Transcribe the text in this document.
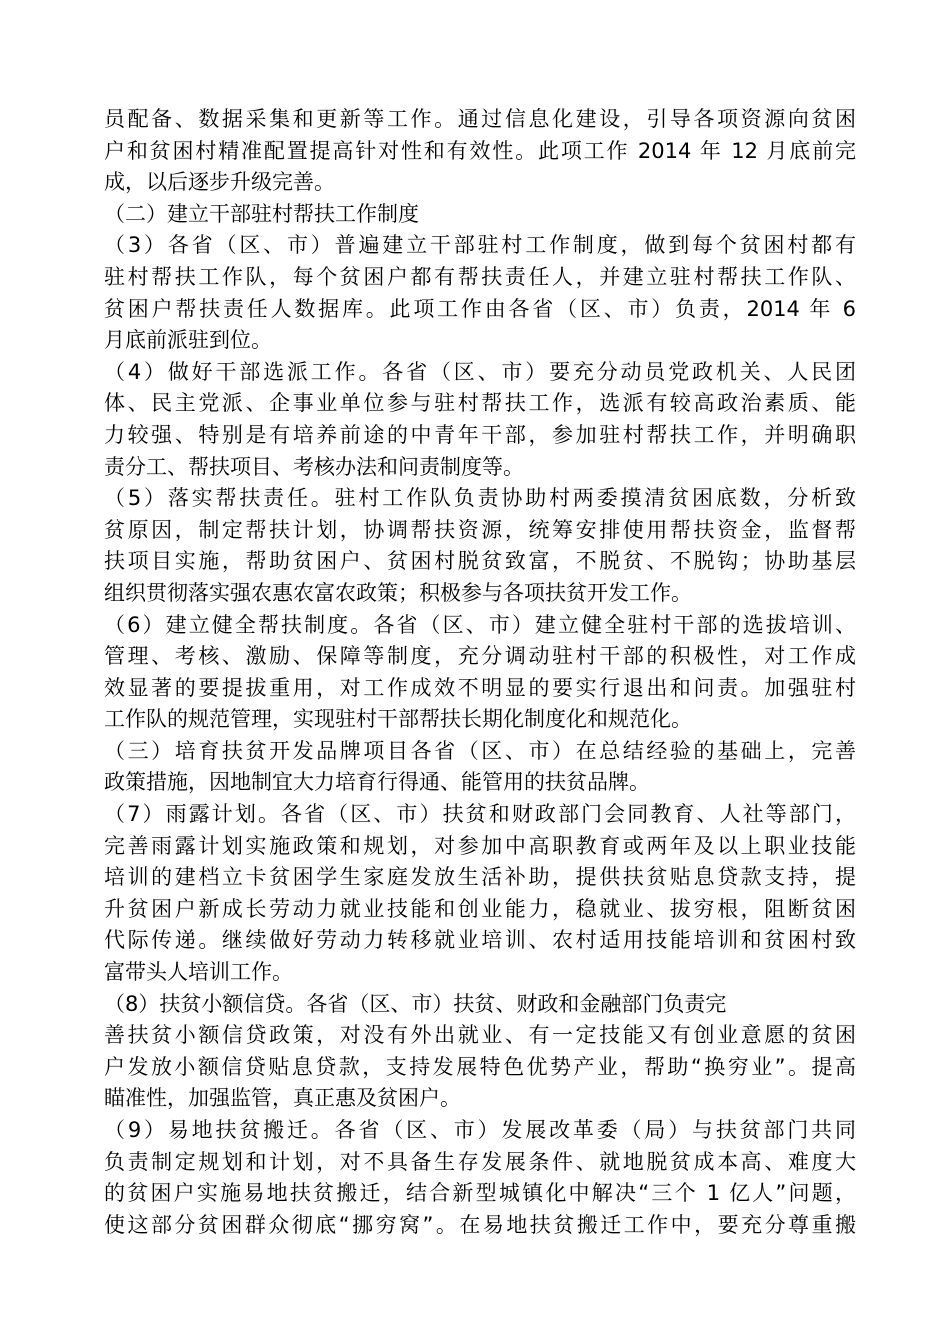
员配备、数据采集和更新等工作。通过信息化建设，引导各项资源向贫困
户和贫困村精准配置提高针对性和有效性。此项工作 2014 年 12 月底前完
成，以后逐步升级完善。
（二）建立干部驻村帮扶工作制度
（3）各省（区、市）普遍建立干部驻村工作制度，做到每个贫困村都有
驻村帮扶工作队，每个贫困户都有帮扶责任人，并建立驻村帮扶工作队、
贫困户帮扶责任人数据库。此项工作由各省（区、市）负责，2014 年 6
月底前派驻到位。
（4）做好干部选派工作。各省（区、市）要充分动员党政机关、人民团
体、民主党派、企事业单位参与驻村帮扶工作，选派有较高政治素质、能
力较强、特别是有培养前途的中青年干部，参加驻村帮扶工作，并明确职
责分工、帮扶项目、考核办法和问责制度等。
（5）落实帮扶责任。驻村工作队负责协助村两委摸清贫困底数，分析致
贫原因，制定帮扶计划，协调帮扶资源，统筹安排使用帮扶资金，监督帮
扶项目实施，帮助贫困户、贫困村脱贫致富，不脱贫、不脱钩；协助基层
组织贯彻落实强农惠农富农政策；积极参与各项扶贫开发工作。
（6）建立健全帮扶制度。各省（区、市）建立健全驻村干部的选拔培训、
管理、考核、激励、保障等制度，充分调动驻村干部的积极性，对工作成
效显著的要提拔重用，对工作成效不明显的要实行退出和问责。加强驻村
工作队的规范管理，实现驻村干部帮扶长期化制度化和规范化。
（三）培育扶贫开发品牌项目各省（区、市）在总结经验的基础上，完善
政策措施，因地制宜大力培育行得通、能管用的扶贫品牌。
（7）雨露计划。各省（区、市）扶贫和财政部门会同教育、人社等部门，
完善雨露计划实施政策和规划，对参加中高职教育或两年及以上职业技能
培训的建档立卡贫困学生家庭发放生活补助，提供扶贫贴息贷款支持，提
升贫困户新成长劳动力就业技能和创业能力，稳就业、拔穷根，阻断贫困
代际传递。继续做好劳动力转移就业培训、农村适用技能培训和贫困村致
富带头人培训工作。
（8）扶贫小额信贷。各省（区、市）扶贫、财政和金融部门负责完
善扶贫小额信贷政策，对没有外出就业、有一定技能又有创业意愿的贫困
户发放小额信贷贴息贷款，支持发展特色优势产业，帮助“换穷业”。提高
瞄准性，加强监管，真正惠及贫困户。
（9）易地扶贫搬迁。各省（区、市）发展改革委（局）与扶贫部门共同
负责制定规划和计划，对不具备生存发展条件、就地脱贫成本高、难度大
的贫困户实施易地扶贫搬迁，结合新型城镇化中解决“三个 1 亿人”问题，
使这部分贫困群众彻底“挪穷窝”。在易地扶贫搬迁工作中，要充分尊重搬
